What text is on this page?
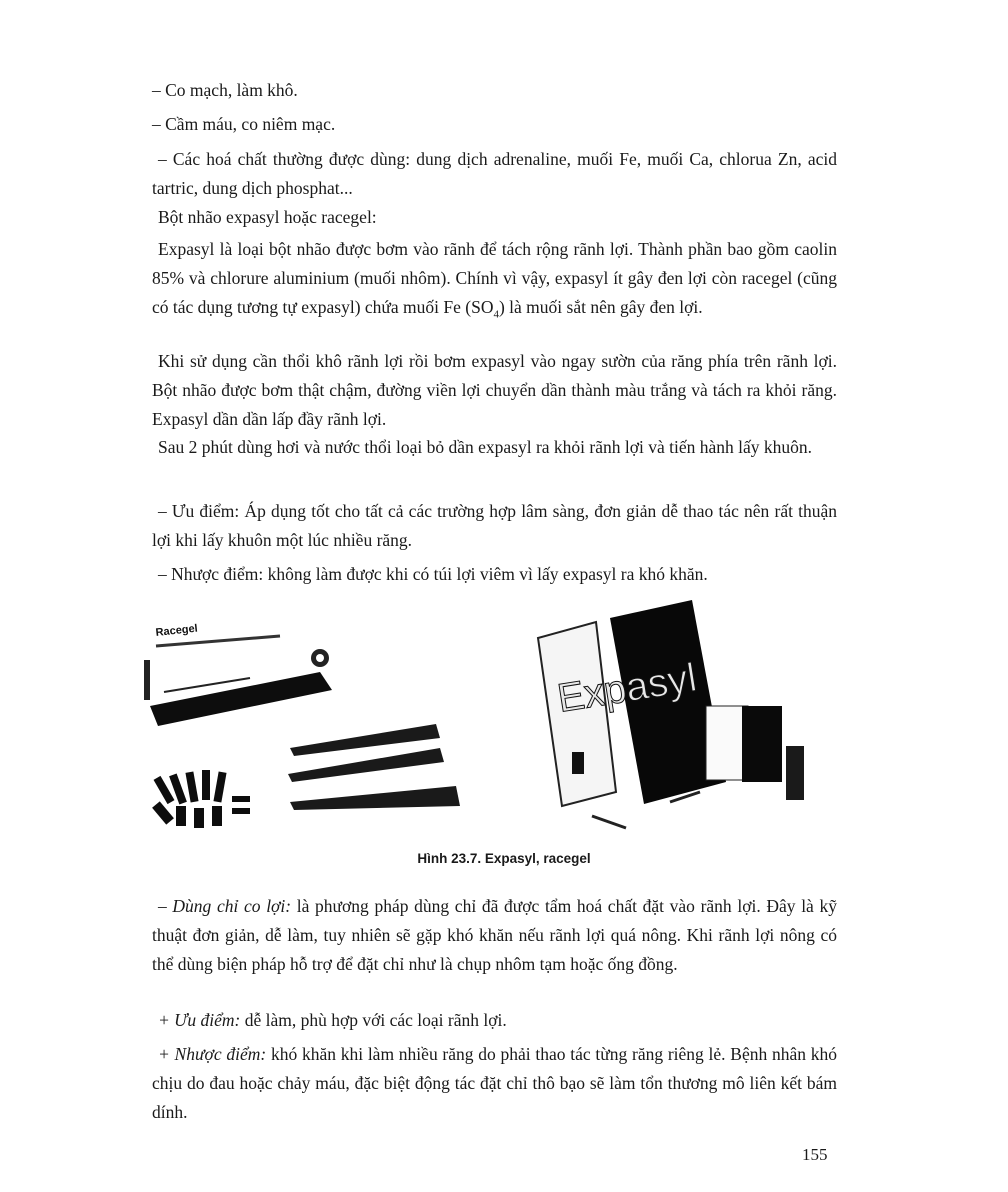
– Co mạch, làm khô.

– Cầm máu, co niêm mạc.

– Các hoá chất thường được dùng: dung dịch adrenaline, muối Fe, muối Ca, chlorua Zn, acid tartric, dung dịch phosphat...

Bột nhão expasyl hoặc racegel:

Expasyl là loại bột nhão được bơm vào rãnh để tách rộng rãnh lợi. Thành phần bao gồm caolin 85% và chlorure aluminium (muối nhôm). Chính vì vậy, expasyl ít gây đen lợi còn racegel (cũng có tác dụng tương tự expasyl) chứa muối Fe $(SO_4)$ là muối sắt nên gây đen lợi.

Khi sử dụng cần thổi khô rãnh lợi rồi bơm expasyl vào ngay sườn của răng phía trên rãnh lợi. Bột nhão được bơm thật chậm, đường viền lợi chuyển dần thành màu trắng và tách ra khỏi răng. Expasyl dần dần lấp đầy rãnh lợi.

Sau 2 phút dùng hơi và nước thổi loại bỏ dần expasyl ra khỏi rãnh lợi và tiến hành lấy khuôn.

– Ưu điểm: Áp dụng tốt cho tất cả các trường hợp lâm sàng, đơn giản dễ thao tác nên rất thuận lợi khi lấy khuôn một lúc nhiều răng.

– Nhược điểm: không làm được khi có túi lợi viêm vì lấy expasyl ra khó khăn.

Racegel
Expasyl
Hình 23.7. Expasyl, racegel

– Dùng chỉ co lợi: là phương pháp dùng chỉ đã được tẩm hoá chất đặt vào rãnh lợi. Đây là kỹ thuật đơn giản, dễ làm, tuy nhiên sẽ gặp khó khăn nếu rãnh lợi quá nông. Khi rãnh lợi nông có thể dùng biện pháp hỗ trợ để đặt chỉ như là chụp nhôm tạm hoặc ống đồng.

+ Ưu điểm: dễ làm, phù hợp với các loại rãnh lợi.

+ Nhược điểm: khó khăn khi làm nhiều răng do phải thao tác từng răng riêng lẻ. Bệnh nhân khó chịu do đau hoặc chảy máu, đặc biệt động tác đặt chỉ thô bạo sẽ làm tổn thương mô liên kết bám dính.

155
